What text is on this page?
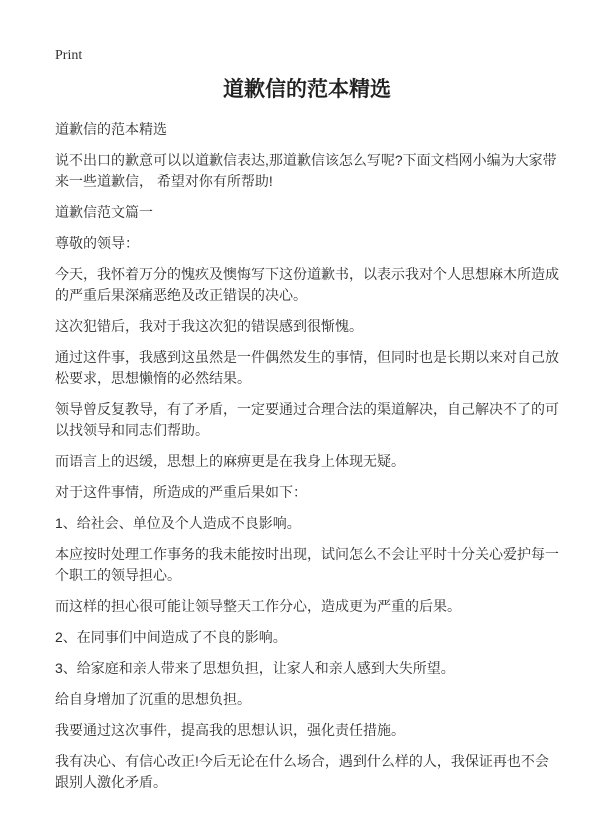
Print
道歉信的范本精选

道歉信的范本精选

说不出口的歉意可以以道歉信表达,那道歉信该怎么写呢?下面文档网小编为大家带来一些道歉信， 希望对你有所帮助!

道歉信范文篇一

尊敬的领导：

今天，我怀着万分的愧疚及懊悔写下这份道歉书，以表示我对个人思想麻木所造成的严重后果深痛恶绝及改正错误的决心。

这次犯错后，我对于我这次犯的错误感到很惭愧。

通过这件事，我感到这虽然是一件偶然发生的事情，但同时也是长期以来对自己放松要求，思想懒惰的必然结果。

领导曾反复教导，有了矛盾，一定要通过合理合法的渠道解决，自己解决不了的可以找领导和同志们帮助。

而语言上的迟缓，思想上的麻痹更是在我身上体现无疑。

对于这件事情，所造成的严重后果如下：

1、给社会、单位及个人造成不良影响。

本应按时处理工作事务的我未能按时出现，试问怎么不会让平时十分关心爱护每一个职工的领导担心。

而这样的担心很可能让领导整天工作分心，造成更为严重的后果。

2、在同事们中间造成了不良的影响。

3、给家庭和亲人带来了思想负担，让家人和亲人感到大失所望。

给自身增加了沉重的思想负担。

我要通过这次事件，提高我的思想认识，强化责任措施。

我有决心、有信心改正!今后无论在什么场合，遇到什么样的人，我保证再也不会跟别人激化矛盾。
